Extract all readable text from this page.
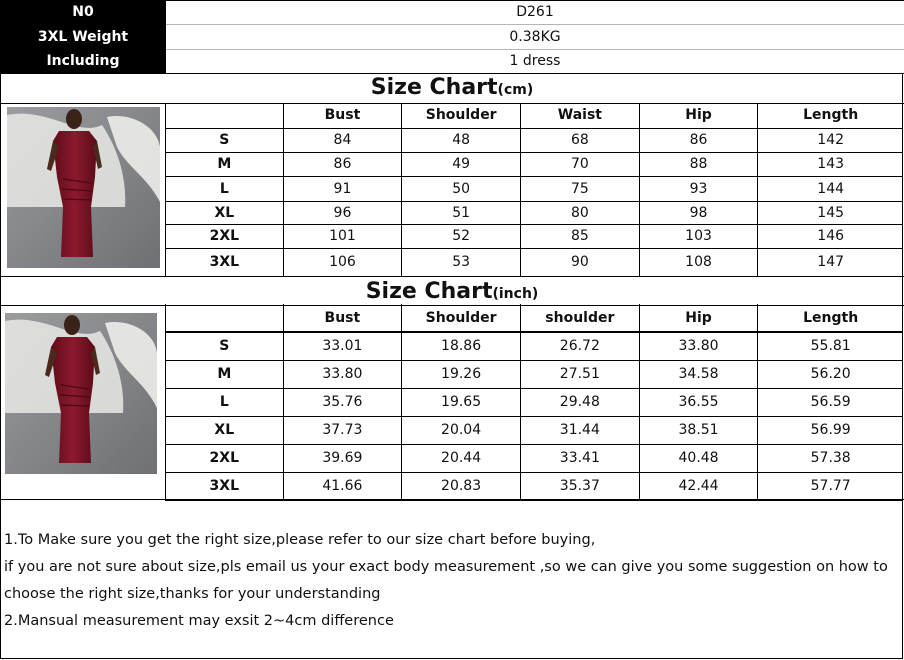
N0	D261
3XL Weight	0.38KG
Including	1 dress
Size Chart(cm)
	Bust	Shoulder	Waist	Hip	Length
S	84	48	68	86	142
M	86	49	70	88	143
L	91	50	75	93	144
XL	96	51	80	98	145
2XL	101	52	85	103	146
3XL	106	53	90	108	147
Size Chart(inch)
	Bust	Shoulder	shoulder	Hip	Length
S	33.01	18.86	26.72	33.80	55.81
M	33.80	19.26	27.51	34.58	56.20
L	35.76	19.65	29.48	36.55	56.59
XL	37.73	20.04	31.44	38.51	56.99
2XL	39.69	20.44	33.41	40.48	57.38
3XL	41.66	20.83	35.37	42.44	57.77
1.To Make sure you get the right size,please refer to our size chart before buying,
if you are not sure about size,pls email us your exact body measurement ,so we can give you some suggestion on how to
choose the right size,thanks for your understanding
2.Mansual measurement may exsit 2~4cm difference
